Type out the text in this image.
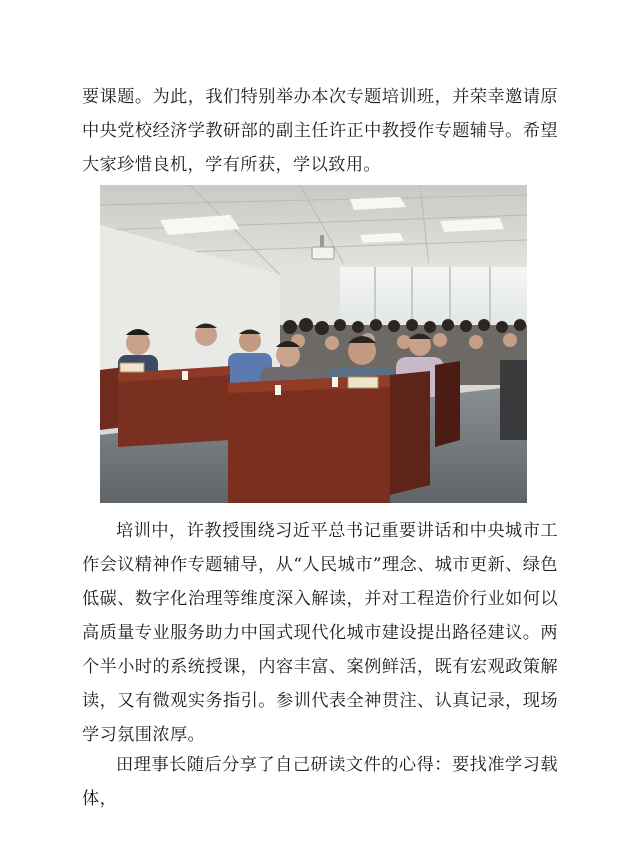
要课题。为此，我们特别举办本次专题培训班，并荣幸邀请原中央党校经济学教研部的副主任许正中教授作专题辅导。希望大家珍惜良机，学有所获，学以致用。

培训中，许教授围绕习近平总书记重要讲话和中央城市工作会议精神作专题辅导，从“人民城市”理念、城市更新、绿色低碳、数字化治理等维度深入解读，并对工程造价行业如何以高质量专业服务助力中国式现代化城市建设提出路径建议。两个半小时的系统授课，内容丰富、案例鲜活，既有宏观政策解读，又有微观实务指引。参训代表全神贯注、认真记录，现场学习氛围浓厚。

田理事长随后分享了自己研读文件的心得：要找准学习载体，
